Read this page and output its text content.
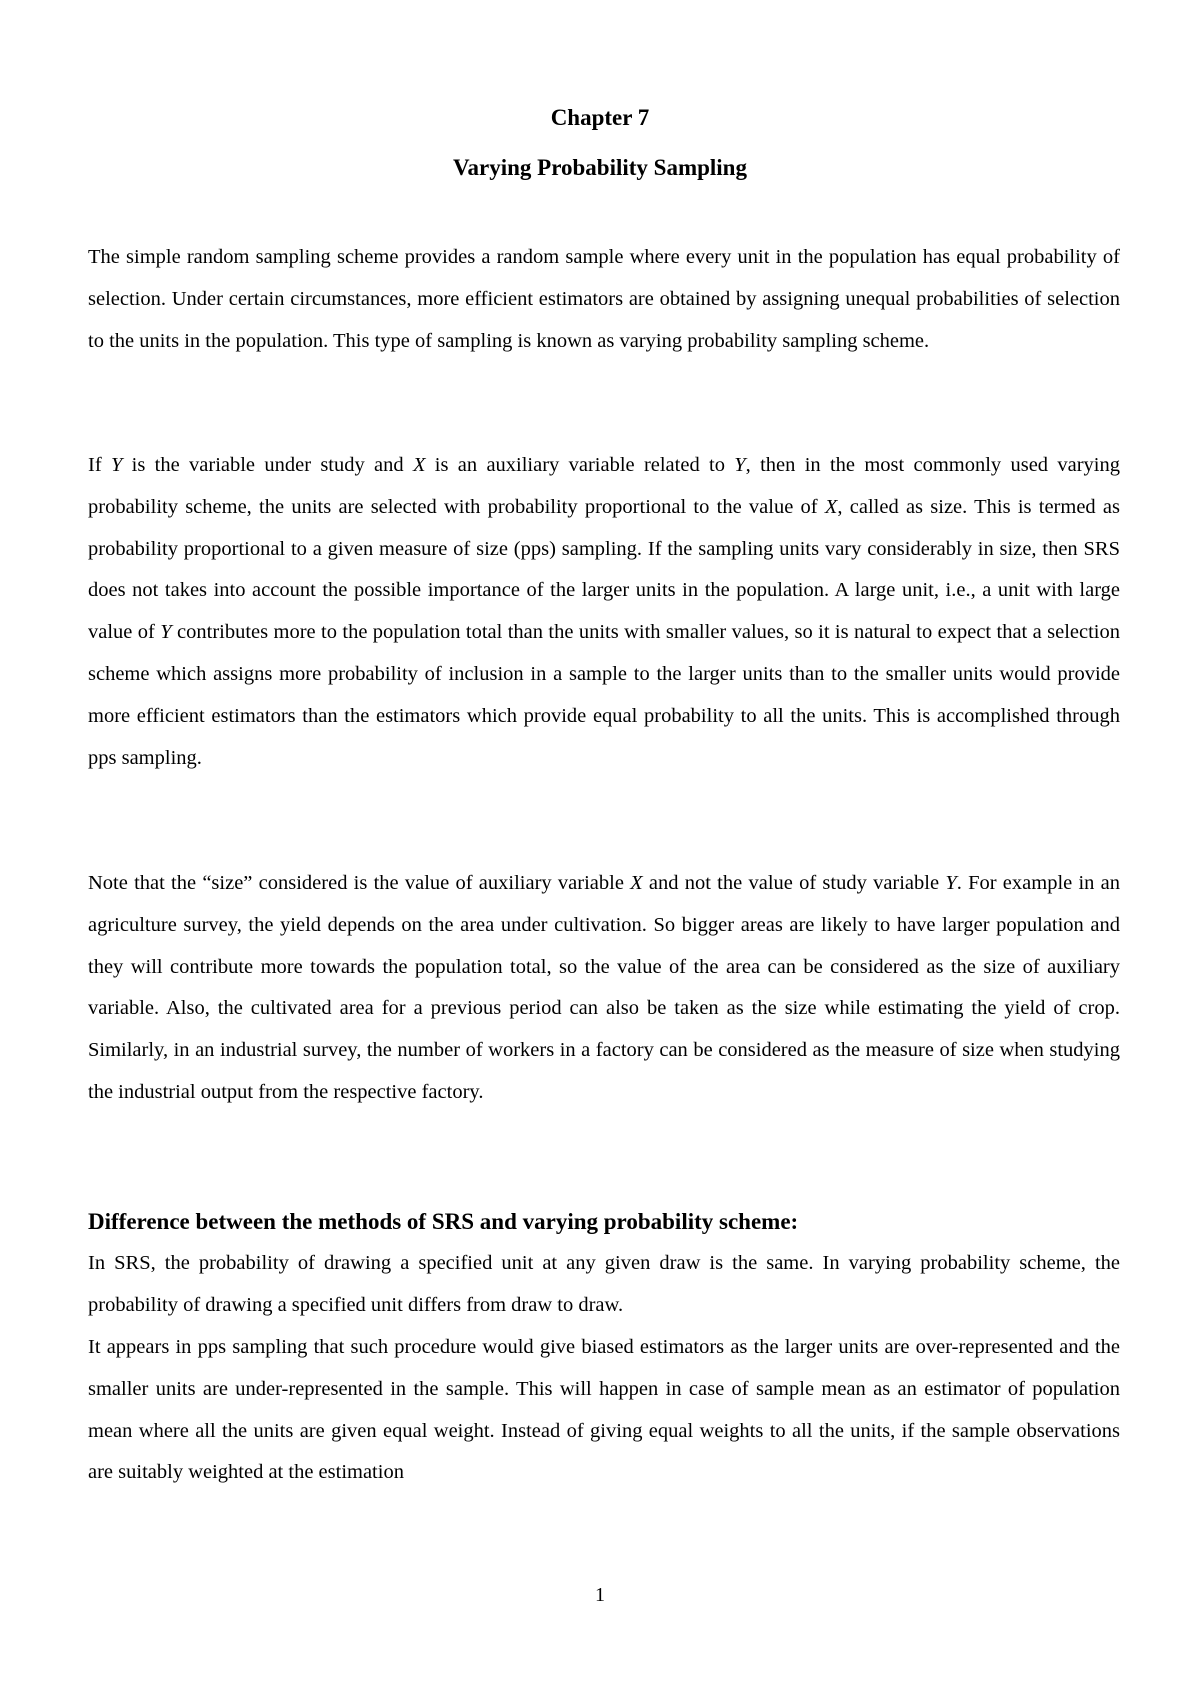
Chapter 7
Varying Probability Sampling

The simple random sampling scheme provides a random sample where every unit in the population has equal probability of selection. Under certain circumstances, more efficient estimators are obtained by assigning unequal probabilities of selection to the units in the population. This type of sampling is known as varying probability sampling scheme.

If Y is the variable under study and X is an auxiliary variable related to Y, then in the most commonly used varying probability scheme, the units are selected with probability proportional to the value of X, called as size. This is termed as probability proportional to a given measure of size (pps) sampling. If the sampling units vary considerably in size, then SRS does not takes into account the possible importance of the larger units in the population. A large unit, i.e., a unit with large value of Y contributes more to the population total than the units with smaller values, so it is natural to expect that a selection scheme which assigns more probability of inclusion in a sample to the larger units than to the smaller units would provide more efficient estimators than the estimators which provide equal probability to all the units. This is accomplished through pps sampling.

Note that the “size” considered is the value of auxiliary variable X and not the value of study variable Y. For example in an agriculture survey, the yield depends on the area under cultivation. So bigger areas are likely to have larger population and they will contribute more towards the population total, so the value of the area can be considered as the size of auxiliary variable. Also, the cultivated area for a previous period can also be taken as the size while estimating the yield of crop. Similarly, in an industrial survey, the number of workers in a factory can be considered as the measure of size when studying the industrial output from the respective factory.

Difference between the methods of SRS and varying probability scheme:

In SRS, the probability of drawing a specified unit at any given draw is the same. In varying probability scheme, the probability of drawing a specified unit differs from draw to draw.

It appears in pps sampling that such procedure would give biased estimators as the larger units are over-represented and the smaller units are under-represented in the sample. This will happen in case of sample mean as an estimator of population mean where all the units are given equal weight. Instead of giving equal weights to all the units, if the sample observations are suitably weighted at the estimation

1
